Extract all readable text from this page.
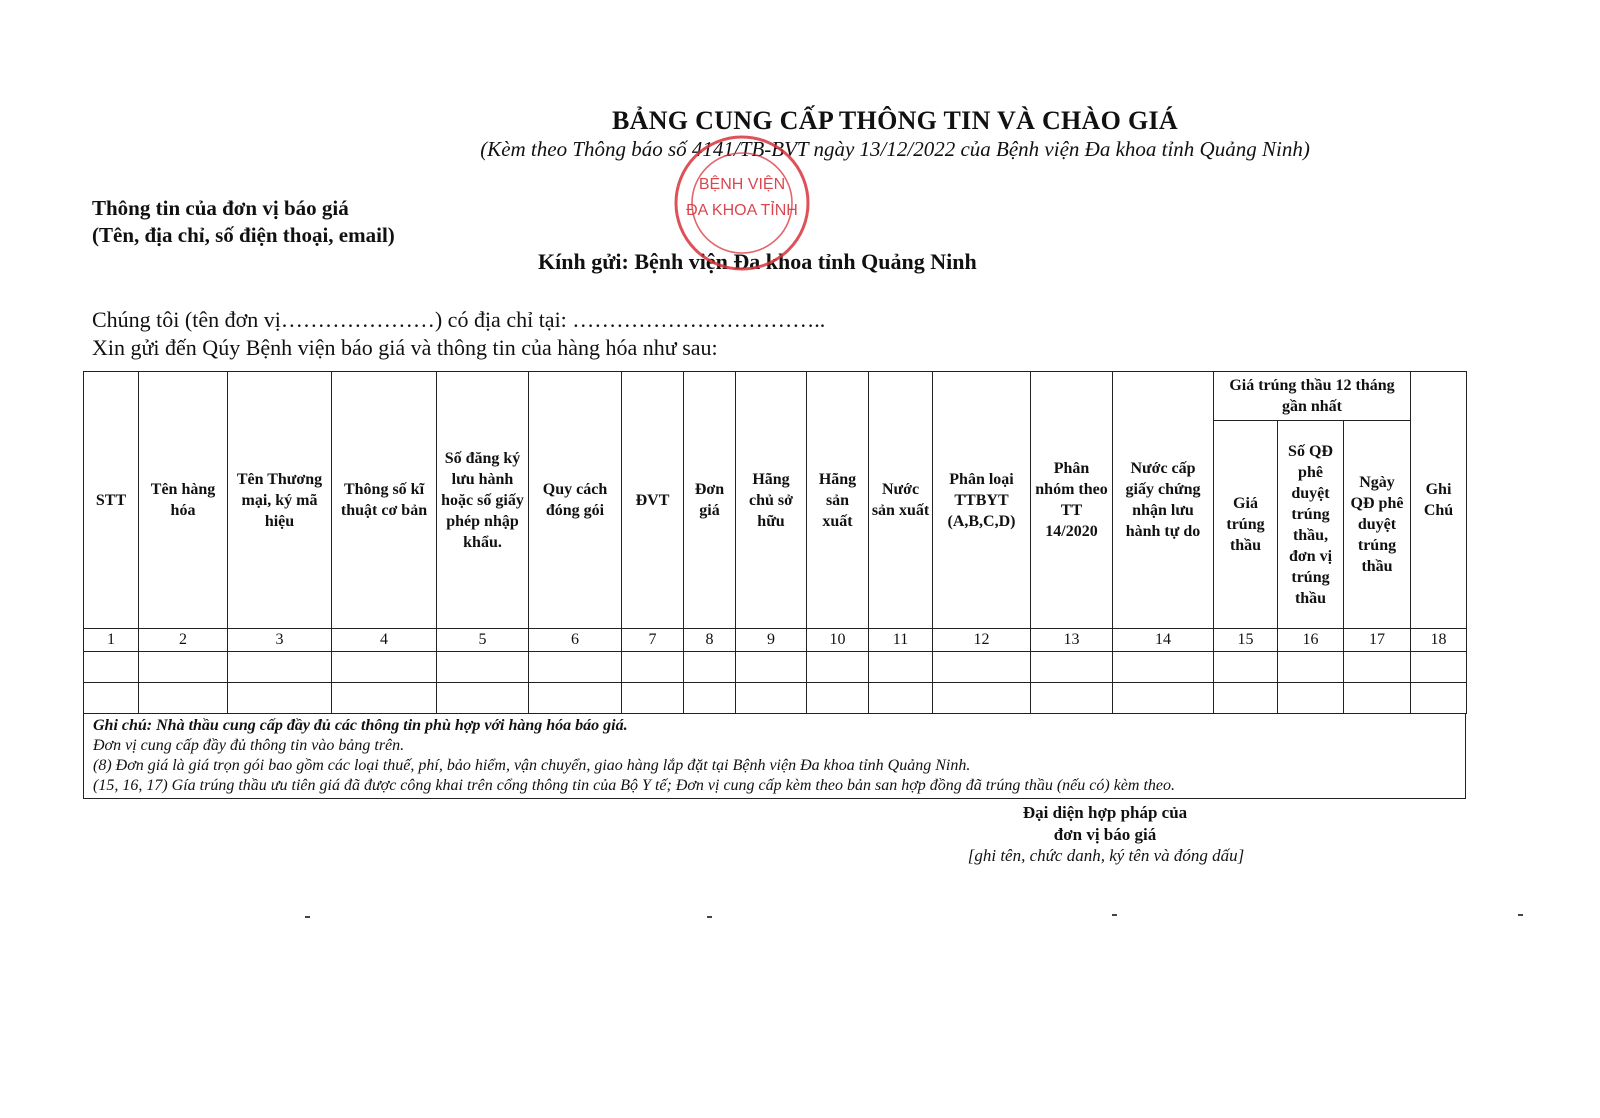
BẢNG CUNG CẤP THÔNG TIN VÀ CHÀO GIÁ
(Kèm theo Thông báo số 4141/TB-BVT ngày 13/12/2022 của Bệnh viện Đa khoa tỉnh Quảng Ninh)
Thông tin của đơn vị báo giá
(Tên, địa chỉ, số điện thoại, email)
Kính gửi: Bệnh viện Đa khoa tỉnh Quảng Ninh
BỆNH VIỆN
ĐA KHOA TỈNH
Chúng tôi (tên đơn vị…………………) có địa chỉ tại: ……………………………..
Xin gửi đến Qúy Bệnh viện báo giá và thông tin của hàng hóa như sau:
STT	Tên hàng hóa	Tên Thương mại, ký mã hiệu	Thông số kĩ thuật cơ bản	Số đăng ký lưu hành hoặc số giấy phép nhập khẩu.	Quy cách đóng gói	ĐVT	Đơn giá	Hãng chủ sở hữu	Hãng sản xuất	Nước sản xuất	Phân loại TTBYT (A,B,C,D)	Phân nhóm theo TT 14/2020	Nước cấp giấy chứng nhận lưu hành tự do	Giá trúng thầu 12 tháng gần nhất			Ghi Chú
														Giá trúng thầu	Số QĐ phê duyệt trúng thầu, đơn vị trúng thầu	Ngày QĐ phê duyệt trúng thầu	
1	2	3	4	5	6	7	8	9	10	11	12	13	14	15	16	17	18

Ghi chú: Nhà thầu cung cấp đầy đủ các thông tin phù hợp với hàng hóa báo giá.
Đơn vị cung cấp đầy đủ thông tin vào bảng trên.
(8) Đơn giá là giá trọn gói bao gồm các loại thuế, phí, bảo hiểm, vận chuyển, giao hàng lắp đặt tại Bệnh viện Đa khoa tỉnh Quảng Ninh.
(15, 16, 17) Gía trúng thầu ưu tiên giá đã được công khai trên cổng thông tin của Bộ Y tế; Đơn vị cung cấp kèm theo bản san hợp đồng đã trúng thầu (nếu có) kèm theo.
Đại diện hợp pháp của
đơn vị báo giá
[ghi tên, chức danh, ký tên và đóng dấu]
